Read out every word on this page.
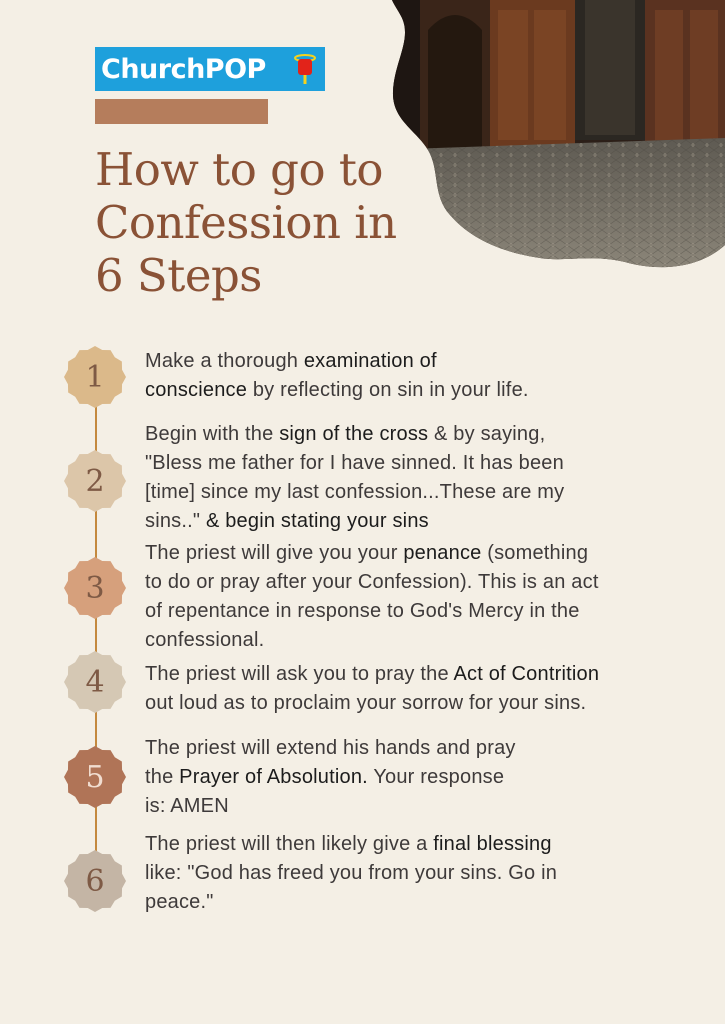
ChurchPOP
How to go to
Confession in
6 Steps
1	Make a thorough examination of
conscience by reflecting on sin in your life.
2
Begin with the sign of the cross & by saying,
"Bless me father for I have sinned. It has been
[time] since my last confession...These are my
sins.." & begin stating your sins
3
The priest will give you your penance (something
to do or pray after your Confession). This is an act
of repentance in response to God's Mercy in the
confessional.
4	The priest will ask you to pray the Act of Contrition
out loud as to proclaim your sorrow for your sins.
5
The priest will extend his hands and pray
the Prayer of Absolution. Your response
is: AMEN
6
The priest will then likely give a final blessing
like: "God has freed you from your sins. Go in
peace."
